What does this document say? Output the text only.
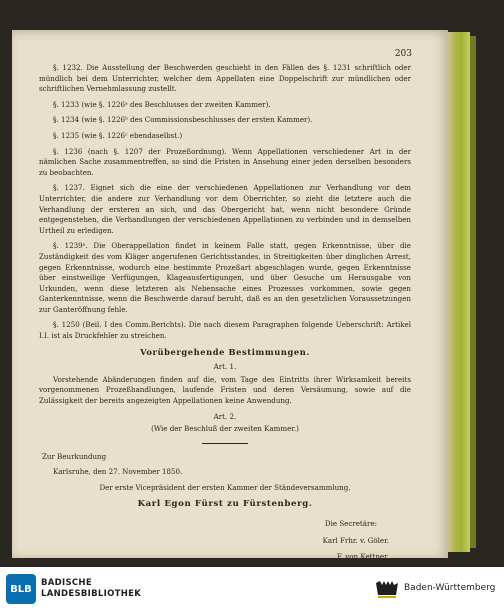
203

§. 1232. Die Ausstellung der Beschwerden geschieht in den Fällen des §. 1231 schriftlich oder mündlich bei dem Unterrichter, welcher dem Appellaten eine Doppelschrift zur mündlichen oder schriftlichen Vernehmlassung zustellt.

§. 1233 (wie §. 1226ᵃ des Beschlusses der zweiten Kammer).

§. 1234 (wie §. 1226ᵇ des Commissionsbeschlusses der ersten Kammer).

§. 1235 (wie §. 1226ᶜ ebendaselbst.)

§. 1236 (nach §. 1207 der Prozeßordnung). Wenn Appellationen verschiedener Art in der nämlichen Sache zusammentreffen, so sind die Fristen in Ansehung einer jeden derselben besonders zu beobachten.

§. 1237. Eignet sich die eine der verschiedenen Appellationen zur Verhandlung vor dem Unterrichter, die andere zur Verhandlung vor dem Oberrichter, so zieht die letztere auch die Verhandlung der ersteren an sich, und das Obergericht hat, wenn nicht besondere Gründe entgegenstehen, die Verhandlungen der verschiedenen Appellationen zu verbinden und in demselben Urtheil zu erledigen.

§. 1239ᵃ. Die Oberappellation findet in keinem Falle statt, gegen Erkenntnisse, über die Zuständigkeit des vom Kläger angerufenen Gerichtsstandes, in Streitigkeiten über dinglichen Arrest, gegen Erkenntnisse, wodurch eine bestimmte Prozeßart abgeschlagen wurde, gegen Erkenntnisse über einstweilige Verfügungen, Klageausfertigungen, und über Gesuche um Herausgabe von Urkunden, wenn diese letzteren als Nebensache eines Prozesses vorkommen, sowie gegen Ganterkenntnisse, wenn die Beschwerde darauf beruht, daß es an den gesetzlichen Voraussetzungen zur Ganteröffnung fehle.

§. 1250 (Beil. I des Comm.Berichts). Die nach diesem Paragraphen folgende Ueberschrift: Artikel I.I. ist als Druckfehler zu streichen.

Vorübergehende Bestimmungen.
Art. 1.

Vorstehende Abänderungen finden auf die, vom Tage des Eintritts ihrer Wirksamkeit bereits vorgenommenen Prozeßhandlungen, laufende Fristen und deren Versäumung, sowie auf die Zulässigkeit der bereits angezeigten Appellationen keine Anwendung.

Art. 2.
(Wie der Beschluß der zweiten Kammer.)

Zur Beurkundung

Karlsruhe, den 27. November 1850.

Der erste Vicepräsident der ersten Kammer der Ständeversammlung,
Karl Egon Fürst zu Fürstenberg.

Die Secretäre:

Karl Frhr. v. Göler.

F. von Kettner.

BLB
BADISCHE
LANDESBIBLIOTHEK
Baden-Württemberg
